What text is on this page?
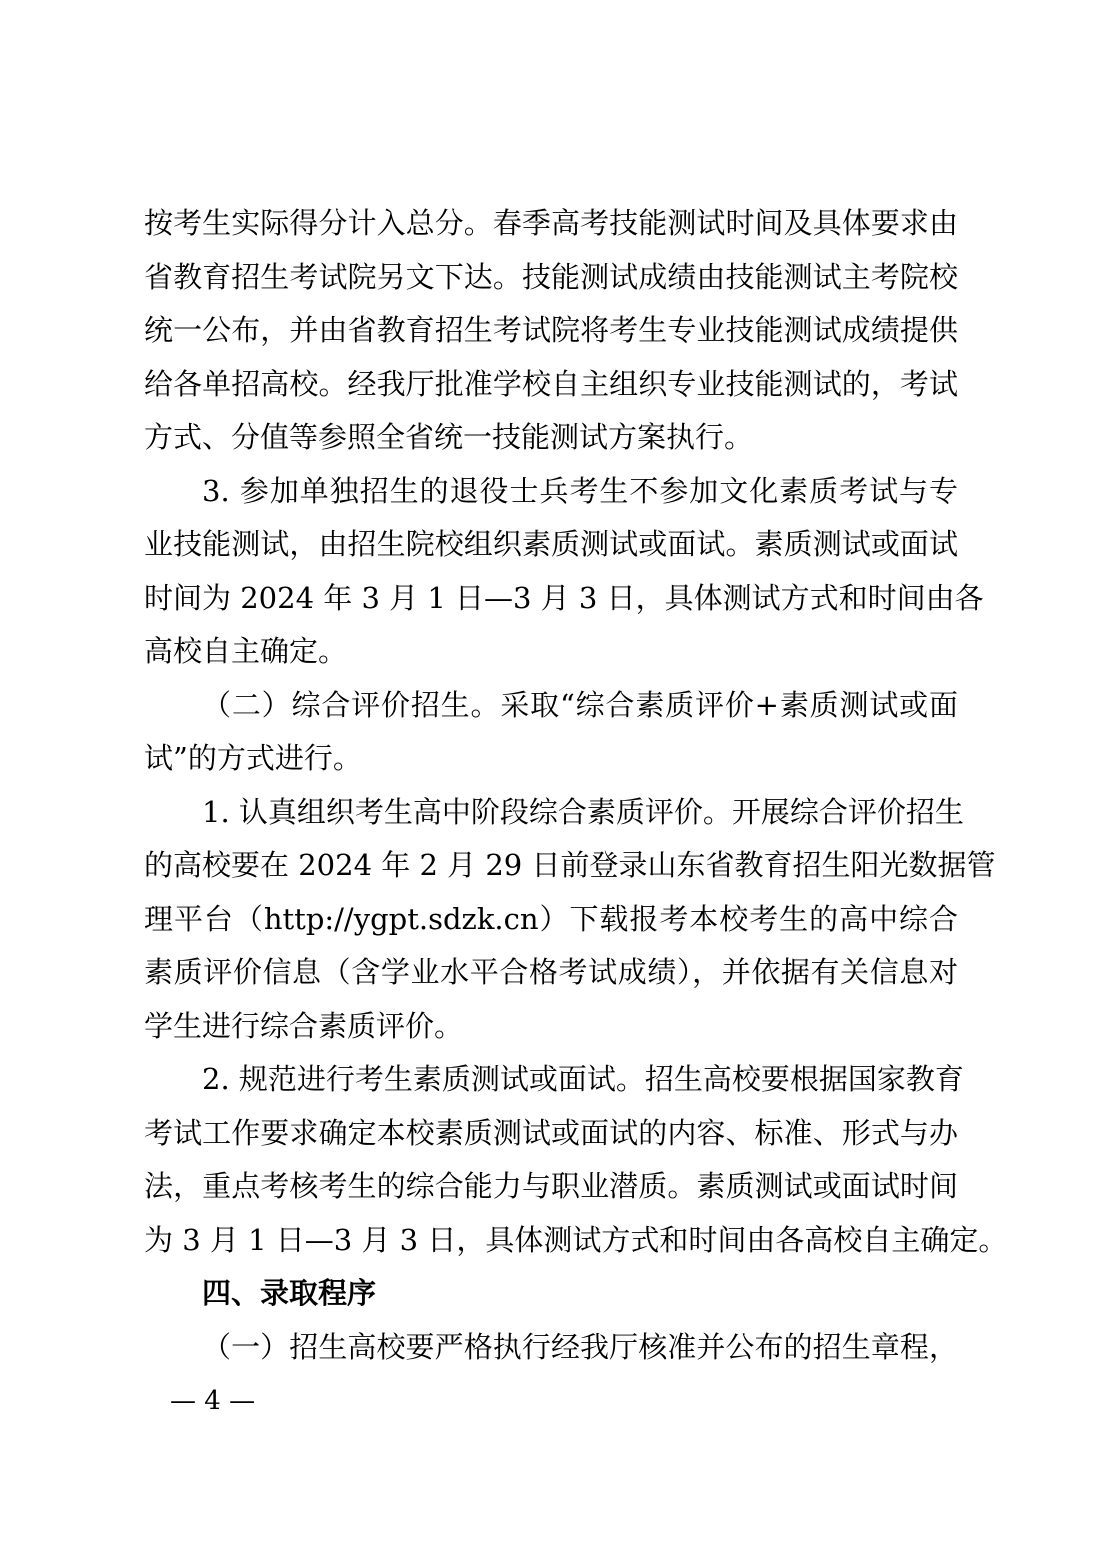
按考生实际得分计入总分。春季高考技能测试时间及具体要求由
省教育招生考试院另文下达。技能测试成绩由技能测试主考院校
统一公布，并由省教育招生考试院将考生专业技能测试成绩提供
给各单招高校。经我厅批准学校自主组织专业技能测试的，考试
方式、分值等参照全省统一技能测试方案执行。
3. 参加单独招生的退役士兵考生不参加文化素质考试与专
业技能测试，由招生院校组织素质测试或面试。素质测试或面试
时间为 2024 年 3 月 1 日—3 月 3 日，具体测试方式和时间由各
高校自主确定。
（二）综合评价招生。采取“综合素质评价+素质测试或面
试”的方式进行。
1. 认真组织考生高中阶段综合素质评价。开展综合评价招生
的高校要在 2024 年 2 月 29 日前登录山东省教育招生阳光数据管
理平台（http://ygpt.sdzk.cn）下载报考本校考生的高中综合
素质评价信息（含学业水平合格考试成绩），并依据有关信息对
学生进行综合素质评价。
2. 规范进行考生素质测试或面试。招生高校要根据国家教育
考试工作要求确定本校素质测试或面试的内容、标准、形式与办
法，重点考核考生的综合能力与职业潜质。素质测试或面试时间
为 3 月 1 日—3 月 3 日，具体测试方式和时间由各高校自主确定。
四、录取程序
（一）招生高校要严格执行经我厅核准并公布的招生章程，
— 4 —
